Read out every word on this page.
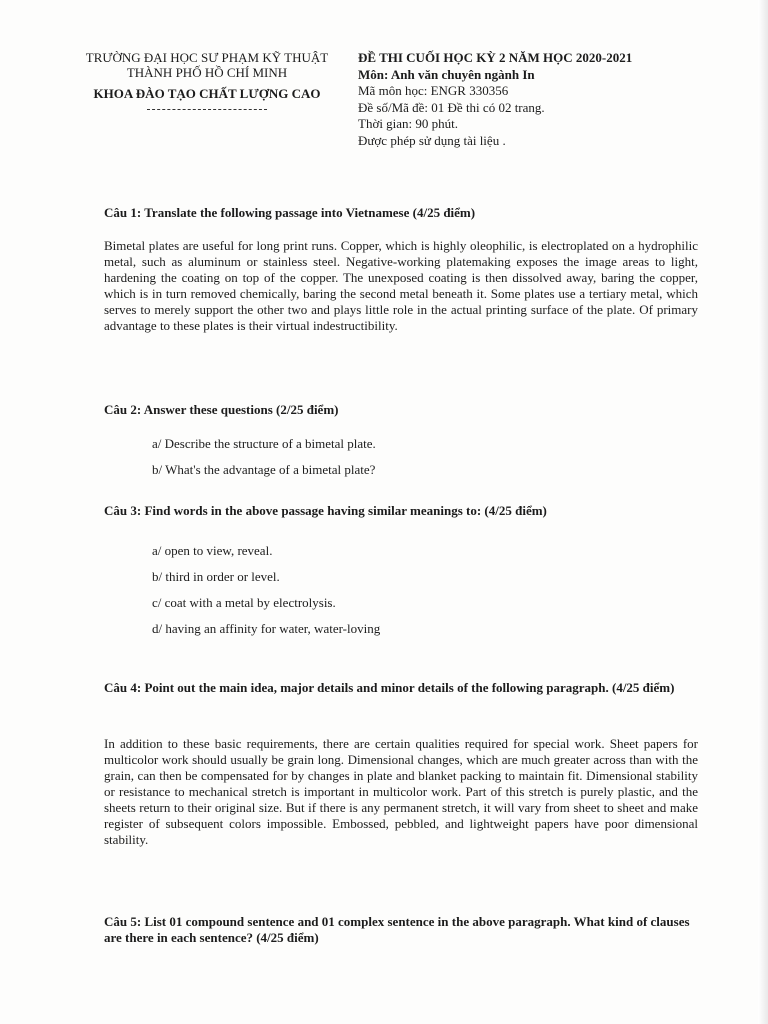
TRƯỜNG ĐẠI HỌC SƯ PHẠM KỸ THUẬT
THÀNH PHỐ HỒ CHÍ MINH
KHOA ĐÀO TẠO CHẤT LƯỢNG CAO
ĐỀ THI CUỐI HỌC KỲ 2 NĂM HỌC 2020-2021
Môn: Anh văn chuyên ngành In
Mã môn học: ENGR 330356
Đề số/Mã đề: 01 Đề thi có 02 trang.
Thời gian: 90 phút.
Được phép sử dụng tài liệu .
Câu 1: Translate the following passage into Vietnamese (4/25 điểm)
Bimetal plates are useful for long print runs. Copper, which is highly oleophilic, is electroplated on a hydrophilic metal, such as aluminum or stainless steel. Negative-working platemaking exposes the image areas to light, hardening the coating on top of the copper. The unexposed coating is then dissolved away, baring the copper, which is in turn removed chemically, baring the second metal beneath it. Some plates use a tertiary metal, which serves to merely support the other two and plays little role in the actual printing surface of the plate. Of primary advantage to these plates is their virtual indestructibility.
Câu 2: Answer these questions (2/25 điểm)
a/ Describe the structure of a bimetal plate.
b/ What's the advantage of a bimetal plate?
Câu 3: Find words in the above passage having similar meanings to: (4/25 điểm)
a/ open to view, reveal.
b/ third in order or level.
c/ coat with a metal by electrolysis.
d/ having an affinity for water, water-loving
Câu 4: Point out the main idea, major details and minor details of the following paragraph. (4/25 điểm)
In addition to these basic requirements, there are certain qualities required for special work. Sheet papers for multicolor work should usually be grain long. Dimensional changes, which are much greater across than with the grain, can then be compensated for by changes in plate and blanket packing to maintain fit. Dimensional stability or resistance to mechanical stretch is important in multicolor work. Part of this stretch is purely plastic, and the sheets return to their original size. But if there is any permanent stretch, it will vary from sheet to sheet and make register of subsequent colors impossible. Embossed, pebbled, and lightweight papers have poor dimensional stability.
Câu 5: List 01 compound sentence and 01 complex sentence in the above paragraph. What kind of clauses are there in each sentence? (4/25 điểm)
